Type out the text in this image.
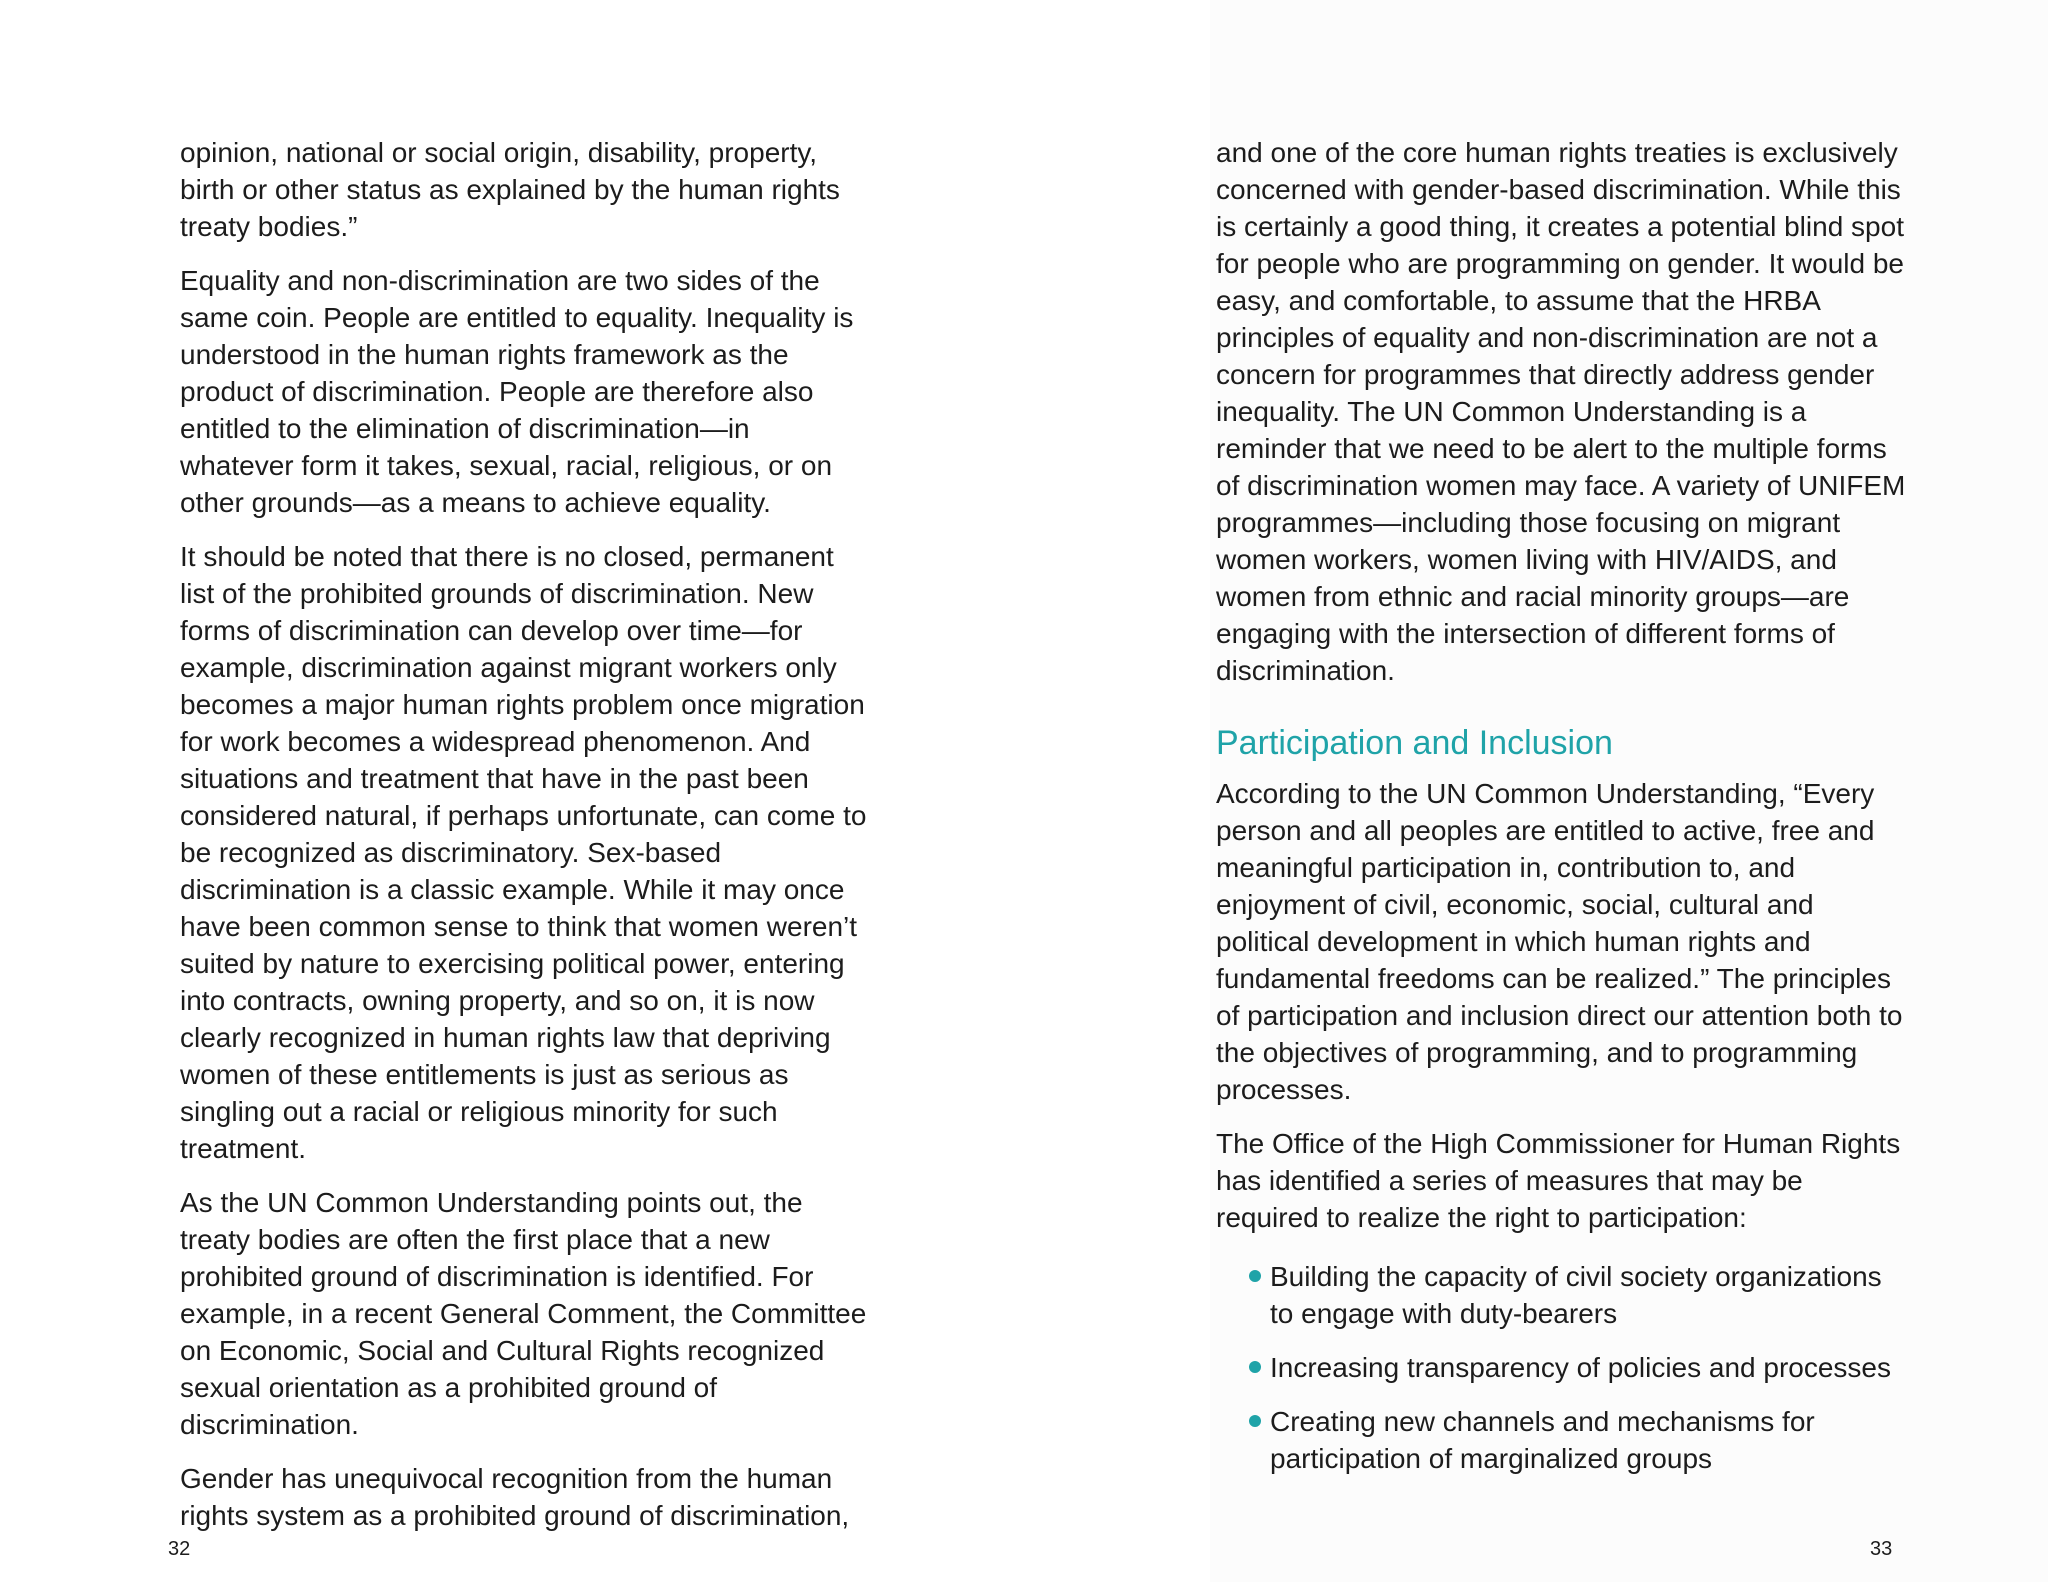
opinion, national or social origin, disability, property, birth or other status as explained by the human rights treaty bodies.”

Equality and non-discrimination are two sides of the same coin. People are entitled to equality. Inequality is understood in the human rights framework as the product of discrimination. People are therefore also entitled to the elimination of discrimination—in whatever form it takes, sexual, racial, religious, or on other grounds—as a means to achieve equality.

It should be noted that there is no closed, permanent list of the prohibited grounds of discrimination. New forms of discrimination can develop over time—for example, discrimination against migrant workers only becomes a major human rights problem once migration for work becomes a widespread phenomenon. And situations and treatment that have in the past been considered natural, if perhaps unfortunate, can come to be recognized as discriminatory. Sex-based discrimination is a classic example. While it may once have been common sense to think that women weren’t suited by nature to exercising political power, entering into contracts, owning property, and so on, it is now clearly recognized in human rights law that depriving women of these entitlements is just as serious as singling out a racial or religious minority for such treatment.

As the UN Common Understanding points out, the treaty bodies are often the first place that a new prohibited ground of discrimination is identified. For example, in a recent General Comment, the Committee on Economic, Social and Cultural Rights recognized sexual orientation as a prohibited ground of discrimination.

Gender has unequivocal recognition from the human rights system as a prohibited ground of discrimination,

and one of the core human rights treaties is exclusively concerned with gender-based discrimination. While this is certainly a good thing, it creates a potential blind spot for people who are programming on gender. It would be easy, and comfortable, to assume that the HRBA principles of equality and non-discrimination are not a concern for programmes that directly address gender inequality. The UN Common Understanding is a reminder that we need to be alert to the multiple forms of discrimination women may face. A variety of UNIFEM programmes—including those focusing on migrant women workers, women living with HIV/AIDS, and women from ethnic and racial minority groups—are engaging with the intersection of different forms of discrimination.

Participation and Inclusion

According to the UN Common Understanding, “Every person and all peoples are entitled to active, free and meaningful participation in, contribution to, and enjoyment of civil, economic, social, cultural and political development in which human rights and fundamental freedoms can be realized.” The principles of participation and inclusion direct our attention both to the objectives of programming, and to programming processes.

The Office of the High Commissioner for Human Rights has identified a series of measures that may be required to realize the right to participation:

Building the capacity of civil society organizations to engage with duty-bearers
Increasing transparency of policies and processes
Creating new channels and mechanisms for participation of marginalized groups
32	33
